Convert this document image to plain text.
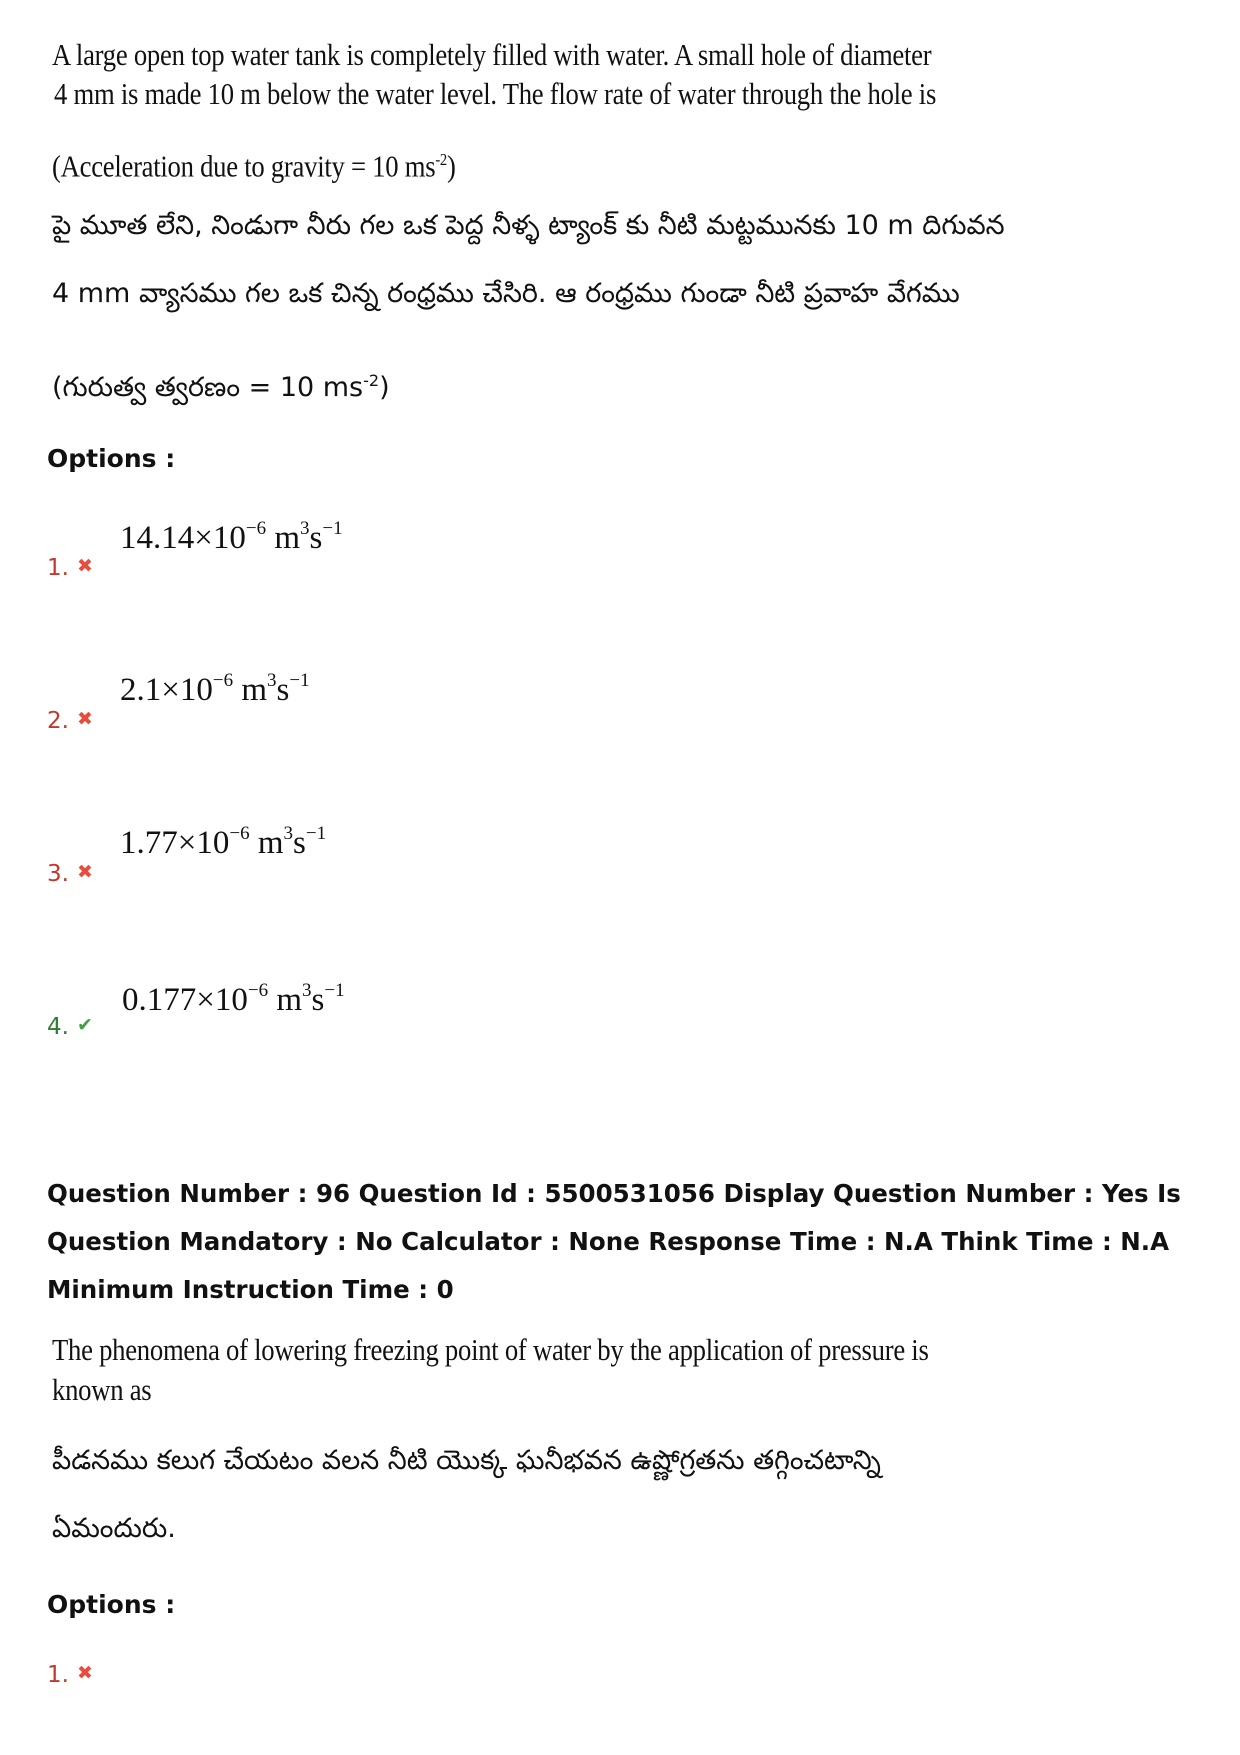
A large open top water tank is completely filled with water. A small hole of diameter
4 mm is made 10 m below the water level. The flow rate of water through the hole is
(Acceleration due to gravity = 10 $ms^{-2}$)
పై మూత లేని, నిండుగా నీరు గల ఒక పెద్ద నీళ్ళ ట్యాంక్ కు నీటి మట్టమునకు 10 m దిగువన
4 mm వ్యాసము గల ఒక చిన్న రంధ్రము చేసిరి. ఆ రంధ్రము గుండా నీటి ప్రవాహ వేగము
(గురుత్వ త్వరణం = 10 $ms^{-2}$)
Options :
$14.14\times 10^{-6}$ $m^3s^{-1}$
1. ✖
$2.1\times 10^{-6}$ $m^3s^{-1}$
2. ✖
$1.77\times 10^{-6}$ $m^3s^{-1}$
3. ✖
$0.177\times 10^{-6}$ $m^3s^{-1}$
4. ✔
Question Number : 96 Question Id : 5500531056 Display Question Number : Yes Is Question Mandatory : No Calculator : None Response Time : N.A Think Time : N.A Minimum Instruction Time : 0
The phenomena of lowering freezing point of water by the application of pressure is
known as
పీడనము కలుగ చేయటం వలన నీటి యొక్క ఘనీభవన ఉష్ణోగ్రతను తగ్గించటాన్ని
ఏమందురు.
Options :
1. ✖
